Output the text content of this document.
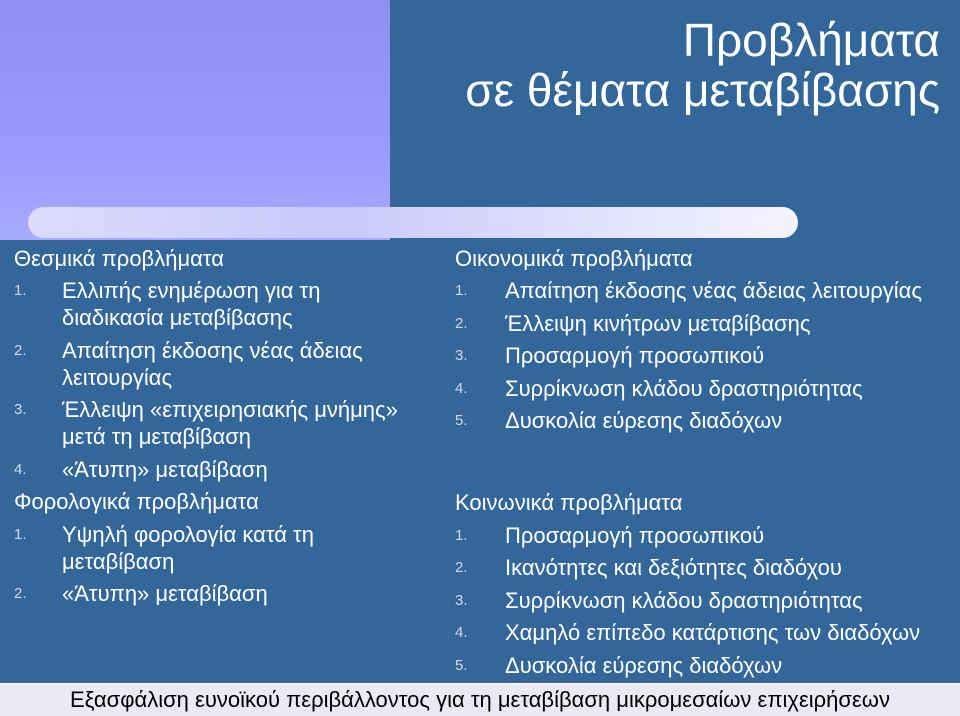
Προβλήματα
σε θέματα μεταβίβασης
Θεσμικά προβλήματα
1. Ελλιπής ενημέρωση για τη διαδικασία μεταβίβασης
2. Απαίτηση έκδοσης νέας άδειας λειτουργίας
3. Έλλειψη «επιχειρησιακής μνήμης» μετά τη μεταβίβαση
4. «Άτυπη» μεταβίβαση
Φορολογικά προβλήματα
1. Υψηλή φορολογία κατά τη μεταβίβαση
2. «Άτυπη» μεταβίβαση
Οικονομικά προβλήματα
1. Απαίτηση έκδοσης νέας άδειας λειτουργίας
2. Έλλειψη κινήτρων μεταβίβασης
3. Προσαρμογή προσωπικού
4. Συρρίκνωση κλάδου δραστηριότητας
5. Δυσκολία εύρεσης διαδόχων
Κοινωνικά προβλήματα
1. Προσαρμογή προσωπικού
2. Ικανότητες και δεξιότητες διαδόχου
3. Συρρίκνωση κλάδου δραστηριότητας
4. Χαμηλό επίπεδο κατάρτισης των διαδόχων
5. Δυσκολία εύρεσης διαδόχων
Εξασφάλιση ευνοϊκού περιβάλλοντος για τη μεταβίβαση μικρομεσαίων επιχειρήσεων
